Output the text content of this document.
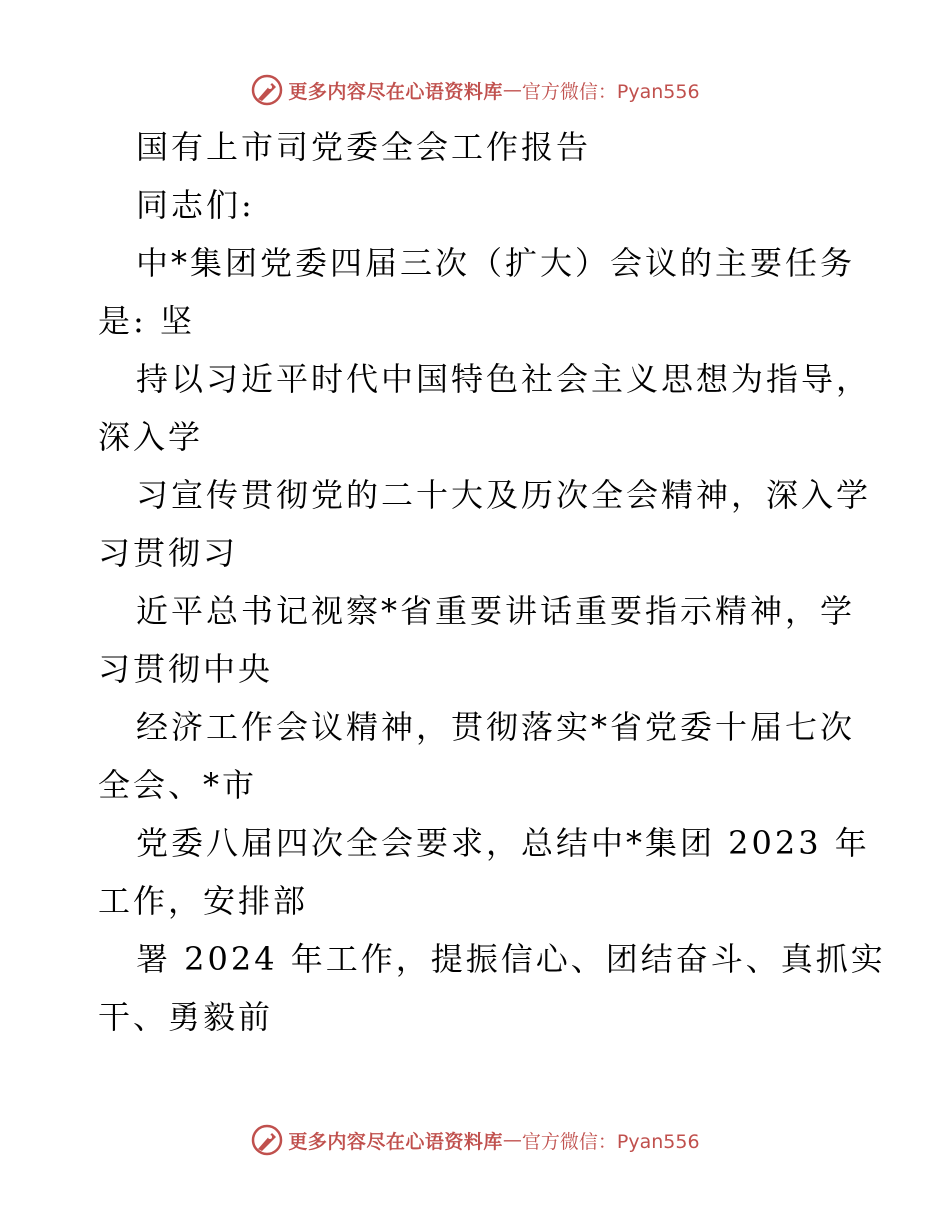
更多内容尽在心语资料库 — 官方微信：Pyan556
国有上市司党委全会工作报告
同志们:
中*集团党委四届三次（扩大）会议的主要任务
是: 坚
持以习近平时代中国特色社会主义思想为指导，
深入学
习宣传贯彻党的二十大及历次全会精神，深入学
习贯彻习
近平总书记视察*省重要讲话重要指示精神，学
习贯彻中央
经济工作会议精神，贯彻落实*省党委十届七次
全会、*市
党委八届四次全会要求，总结中*集团 2023 年
工作，安排部
署 2024 年工作，提振信心、团结奋斗、真抓实
干、勇毅前
更多内容尽在心语资料库 — 官方微信：Pyan556
